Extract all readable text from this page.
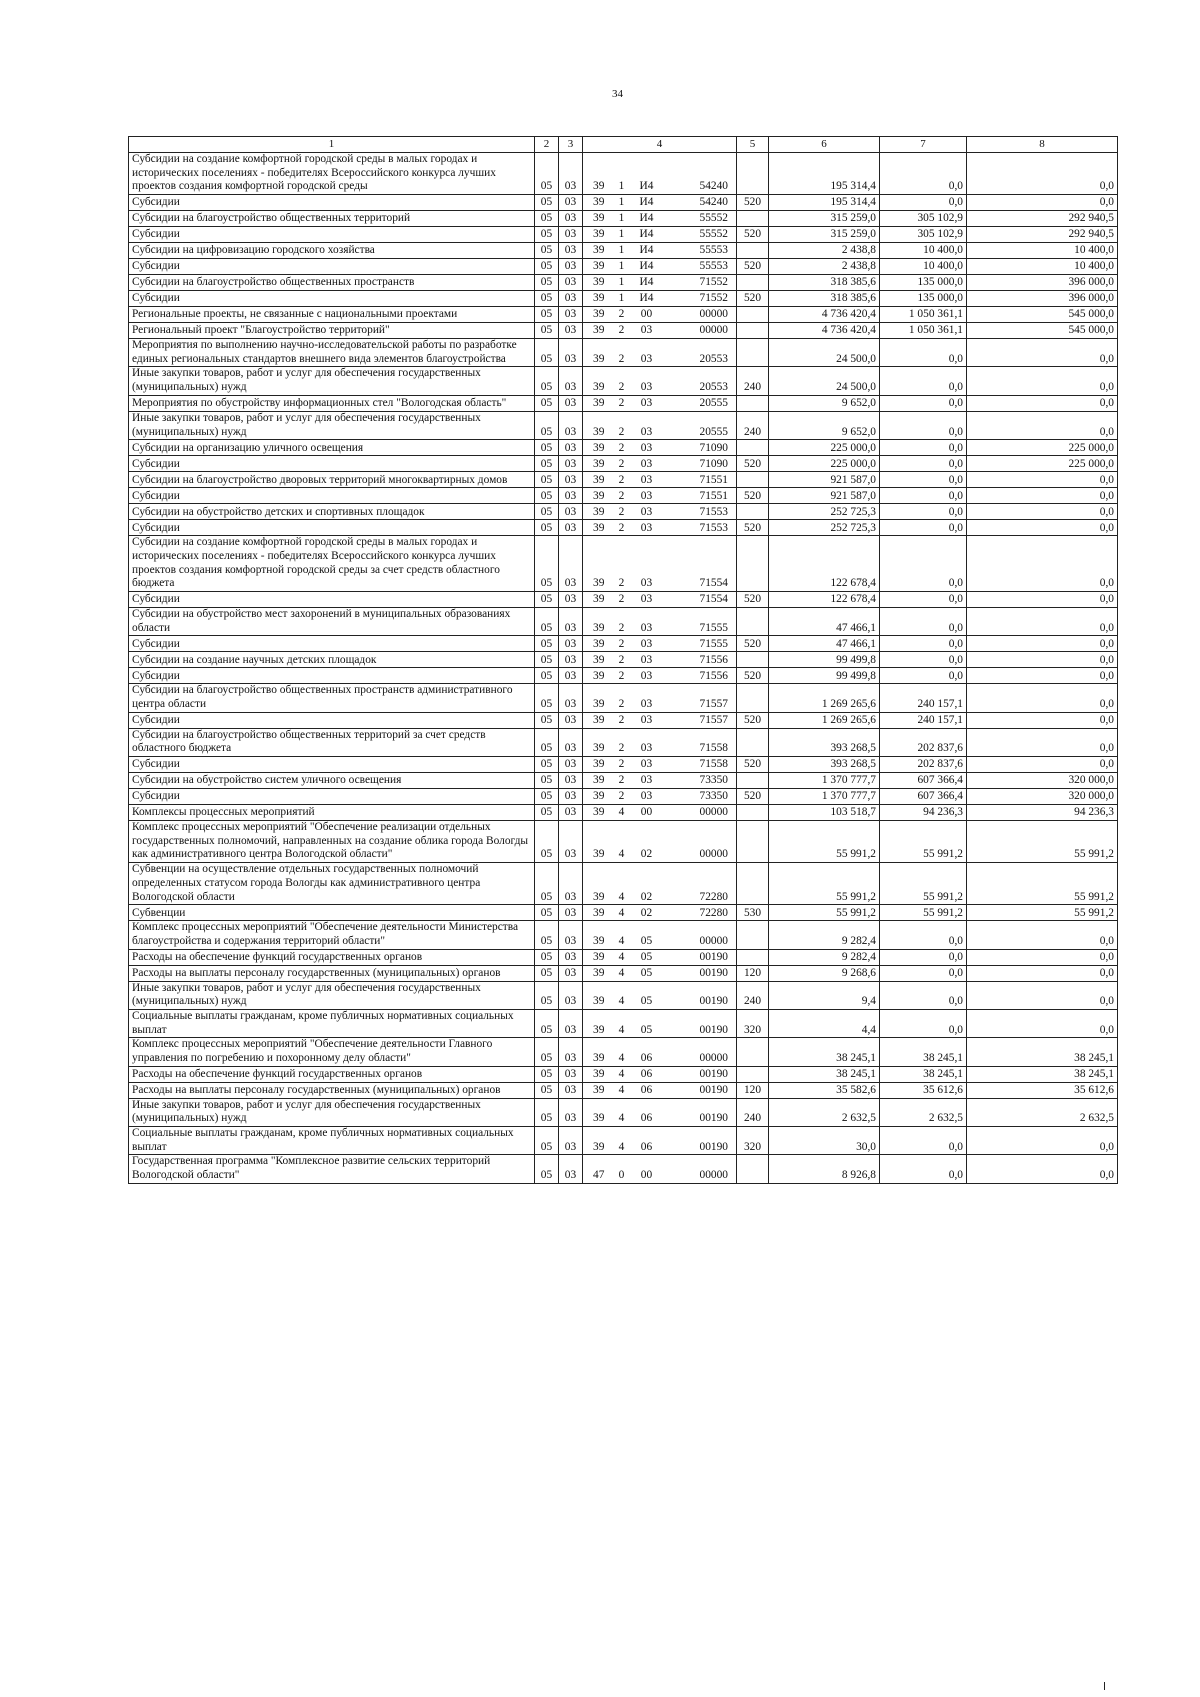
34
1	2	3	4				5	6	7	8
Субсидии на создание комфортной городской среды в малых городах и исторических поселениях - победителях Всероссийского конкурса лучших проектов создания комфортной городской среды	05	03	39	1	И4	54240		195 314,4	0,0	0,0
Субсидии	05	03	39	1	И4	54240	520	195 314,4	0,0	0,0
Субсидии на благоустройство общественных территорий	05	03	39	1	И4	55552		315 259,0	305 102,9	292 940,5
Субсидии	05	03	39	1	И4	55552	520	315 259,0	305 102,9	292 940,5
Субсидии на цифровизацию городского хозяйства	05	03	39	1	И4	55553		2 438,8	10 400,0	10 400,0
Субсидии	05	03	39	1	И4	55553	520	2 438,8	10 400,0	10 400,0
Субсидии на благоустройство общественных пространств	05	03	39	1	И4	71552		318 385,6	135 000,0	396 000,0
Субсидии	05	03	39	1	И4	71552	520	318 385,6	135 000,0	396 000,0
Региональные проекты, не связанные с национальными проектами	05	03	39	2	00	00000		4 736 420,4	1 050 361,1	545 000,0
Региональный проект "Благоустройство территорий"	05	03	39	2	03	00000		4 736 420,4	1 050 361,1	545 000,0
Мероприятия по выполнению научно-исследовательской работы по разработке единых региональных стандартов внешнего вида элементов благоустройства	05	03	39	2	03	20553		24 500,0	0,0	0,0
Иные закупки товаров, работ и услуг для обеспечения государственных (муниципальных) нужд	05	03	39	2	03	20553	240	24 500,0	0,0	0,0
Мероприятия по обустройству информационных стел "Вологодская область"	05	03	39	2	03	20555		9 652,0	0,0	0,0
Иные закупки товаров, работ и услуг для обеспечения государственных (муниципальных) нужд	05	03	39	2	03	20555	240	9 652,0	0,0	0,0
Субсидии на организацию уличного освещения	05	03	39	2	03	71090		225 000,0	0,0	225 000,0
Субсидии	05	03	39	2	03	71090	520	225 000,0	0,0	225 000,0
Субсидии на благоустройство дворовых территорий многоквартирных домов	05	03	39	2	03	71551		921 587,0	0,0	0,0
Субсидии	05	03	39	2	03	71551	520	921 587,0	0,0	0,0
Субсидии на обустройство детских и спортивных площадок	05	03	39	2	03	71553		252 725,3	0,0	0,0
Субсидии	05	03	39	2	03	71553	520	252 725,3	0,0	0,0
Субсидии на создание комфортной городской среды в малых городах и исторических поселениях - победителях Всероссийского конкурса лучших проектов создания комфортной городской среды за счет средств областного бюджета	05	03	39	2	03	71554		122 678,4	0,0	0,0
Субсидии	05	03	39	2	03	71554	520	122 678,4	0,0	0,0
Субсидии на обустройство мест захоронений в муниципальных образованиях области	05	03	39	2	03	71555		47 466,1	0,0	0,0
Субсидии	05	03	39	2	03	71555	520	47 466,1	0,0	0,0
Субсидии на создание научных детских площадок	05	03	39	2	03	71556		99 499,8	0,0	0,0
Субсидии	05	03	39	2	03	71556	520	99 499,8	0,0	0,0
Субсидии на благоустройство общественных пространств административного центра области	05	03	39	2	03	71557		1 269 265,6	240 157,1	0,0
Субсидии	05	03	39	2	03	71557	520	1 269 265,6	240 157,1	0,0
Субсидии на благоустройство общественных территорий за счет средств областного бюджета	05	03	39	2	03	71558		393 268,5	202 837,6	0,0
Субсидии	05	03	39	2	03	71558	520	393 268,5	202 837,6	0,0
Субсидии на обустройство систем уличного освещения	05	03	39	2	03	73350		1 370 777,7	607 366,4	320 000,0
Субсидии	05	03	39	2	03	73350	520	1 370 777,7	607 366,4	320 000,0
Комплексы процессных мероприятий	05	03	39	4	00	00000		103 518,7	94 236,3	94 236,3
Комплекс процессных мероприятий "Обеспечение реализации отдельных государственных полномочий, направленных на создание облика города Вологды как административного центра Вологодской области"	05	03	39	4	02	00000		55 991,2	55 991,2	55 991,2
Субвенции на осуществление отдельных государственных полномочий определенных статусом города Вологды как административного центра Вологодской области	05	03	39	4	02	72280		55 991,2	55 991,2	55 991,2
Субвенции	05	03	39	4	02	72280	530	55 991,2	55 991,2	55 991,2
Комплекс процессных мероприятий "Обеспечение деятельности Министерства благоустройства и содержания территорий области"	05	03	39	4	05	00000		9 282,4	0,0	0,0
Расходы на обеспечение функций государственных органов	05	03	39	4	05	00190		9 282,4	0,0	0,0
Расходы на выплаты персоналу государственных (муниципальных) органов	05	03	39	4	05	00190	120	9 268,6	0,0	0,0
Иные закупки товаров, работ и услуг для обеспечения государственных (муниципальных) нужд	05	03	39	4	05	00190	240	9,4	0,0	0,0
Социальные выплаты гражданам, кроме публичных нормативных социальных выплат	05	03	39	4	05	00190	320	4,4	0,0	0,0
Комплекс процессных мероприятий "Обеспечение деятельности Главного управления по погребению и похоронному делу области"	05	03	39	4	06	00000		38 245,1	38 245,1	38 245,1
Расходы на обеспечение функций государственных органов	05	03	39	4	06	00190		38 245,1	38 245,1	38 245,1
Расходы на выплаты персоналу государственных (муниципальных) органов	05	03	39	4	06	00190	120	35 582,6	35 612,6	35 612,6
Иные закупки товаров, работ и услуг для обеспечения государственных (муниципальных) нужд	05	03	39	4	06	00190	240	2 632,5	2 632,5	2 632,5
Социальные выплаты гражданам, кроме публичных нормативных социальных выплат	05	03	39	4	06	00190	320	30,0	0,0	0,0
Государственная программа "Комплексное развитие сельских территорий Вологодской области"	05	03	47	0	00	00000		8 926,8	0,0	0,0
